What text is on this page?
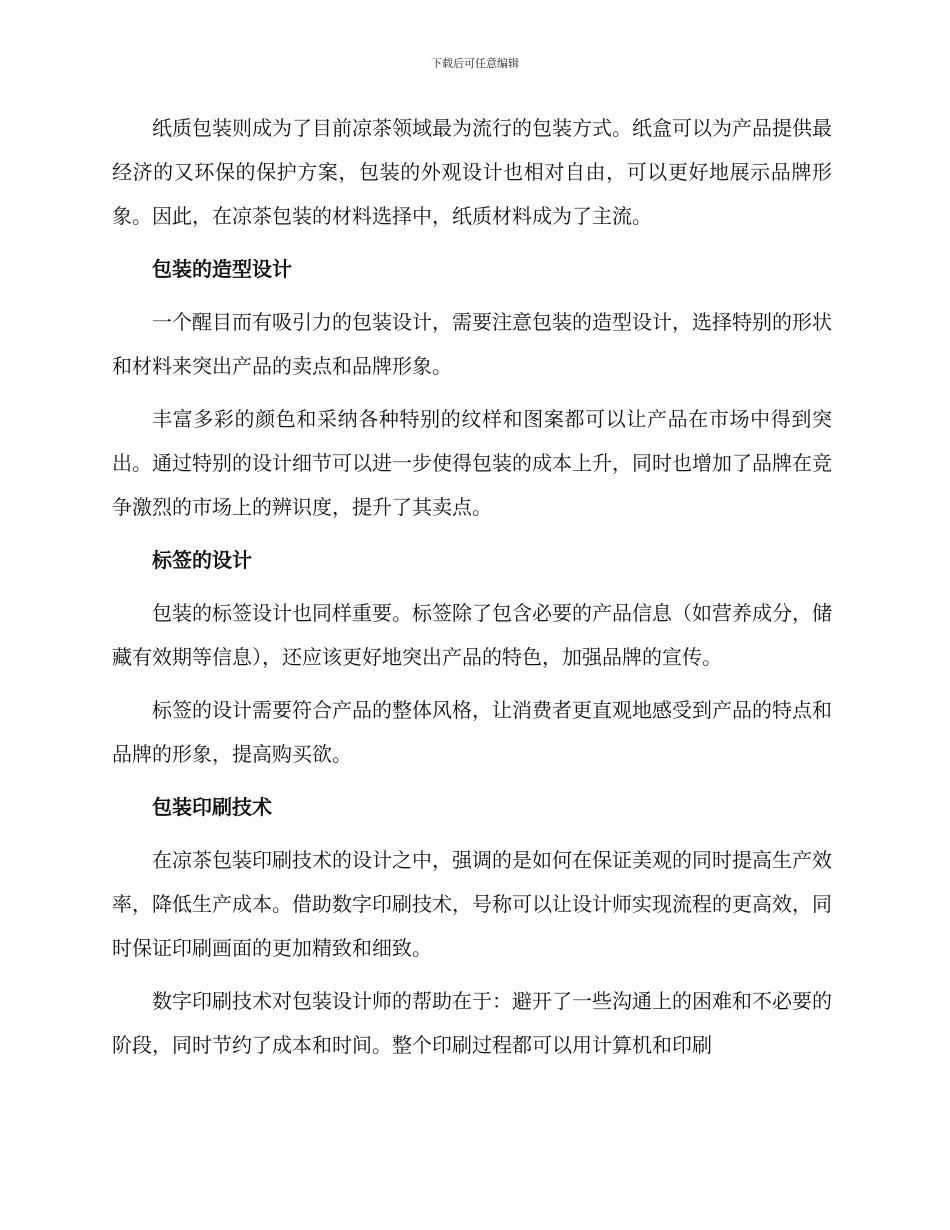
下载后可任意编辑

纸质包装则成为了目前凉茶领域最为流行的包装方式。纸盒可以为产品提供最经济的又环保的保护方案，包装的外观设计也相对自由，可以更好地展示品牌形象。因此，在凉茶包装的材料选择中，纸质材料成为了主流。

包装的造型设计

一个醒目而有吸引力的包装设计，需要注意包装的造型设计，选择特别的形状和材料来突出产品的卖点和品牌形象。

丰富多彩的颜色和采纳各种特别的纹样和图案都可以让产品在市场中得到突出。通过特别的设计细节可以进一步使得包装的成本上升，同时也增加了品牌在竞争激烈的市场上的辨识度，提升了其卖点。

标签的设计

包装的标签设计也同样重要。标签除了包含必要的产品信息（如营养成分，储藏有效期等信息），还应该更好地突出产品的特色，加强品牌的宣传。

标签的设计需要符合产品的整体风格，让消费者更直观地感受到产品的特点和品牌的形象，提高购买欲。

包装印刷技术

在凉茶包装印刷技术的设计之中，强调的是如何在保证美观的同时提高生产效率，降低生产成本。借助数字印刷技术，号称可以让设计师实现流程的更高效，同时保证印刷画面的更加精致和细致。

数字印刷技术对包装设计师的帮助在于：避开了一些沟通上的困难和不必要的阶段，同时节约了成本和时间。整个印刷过程都可以用计算机和印刷
